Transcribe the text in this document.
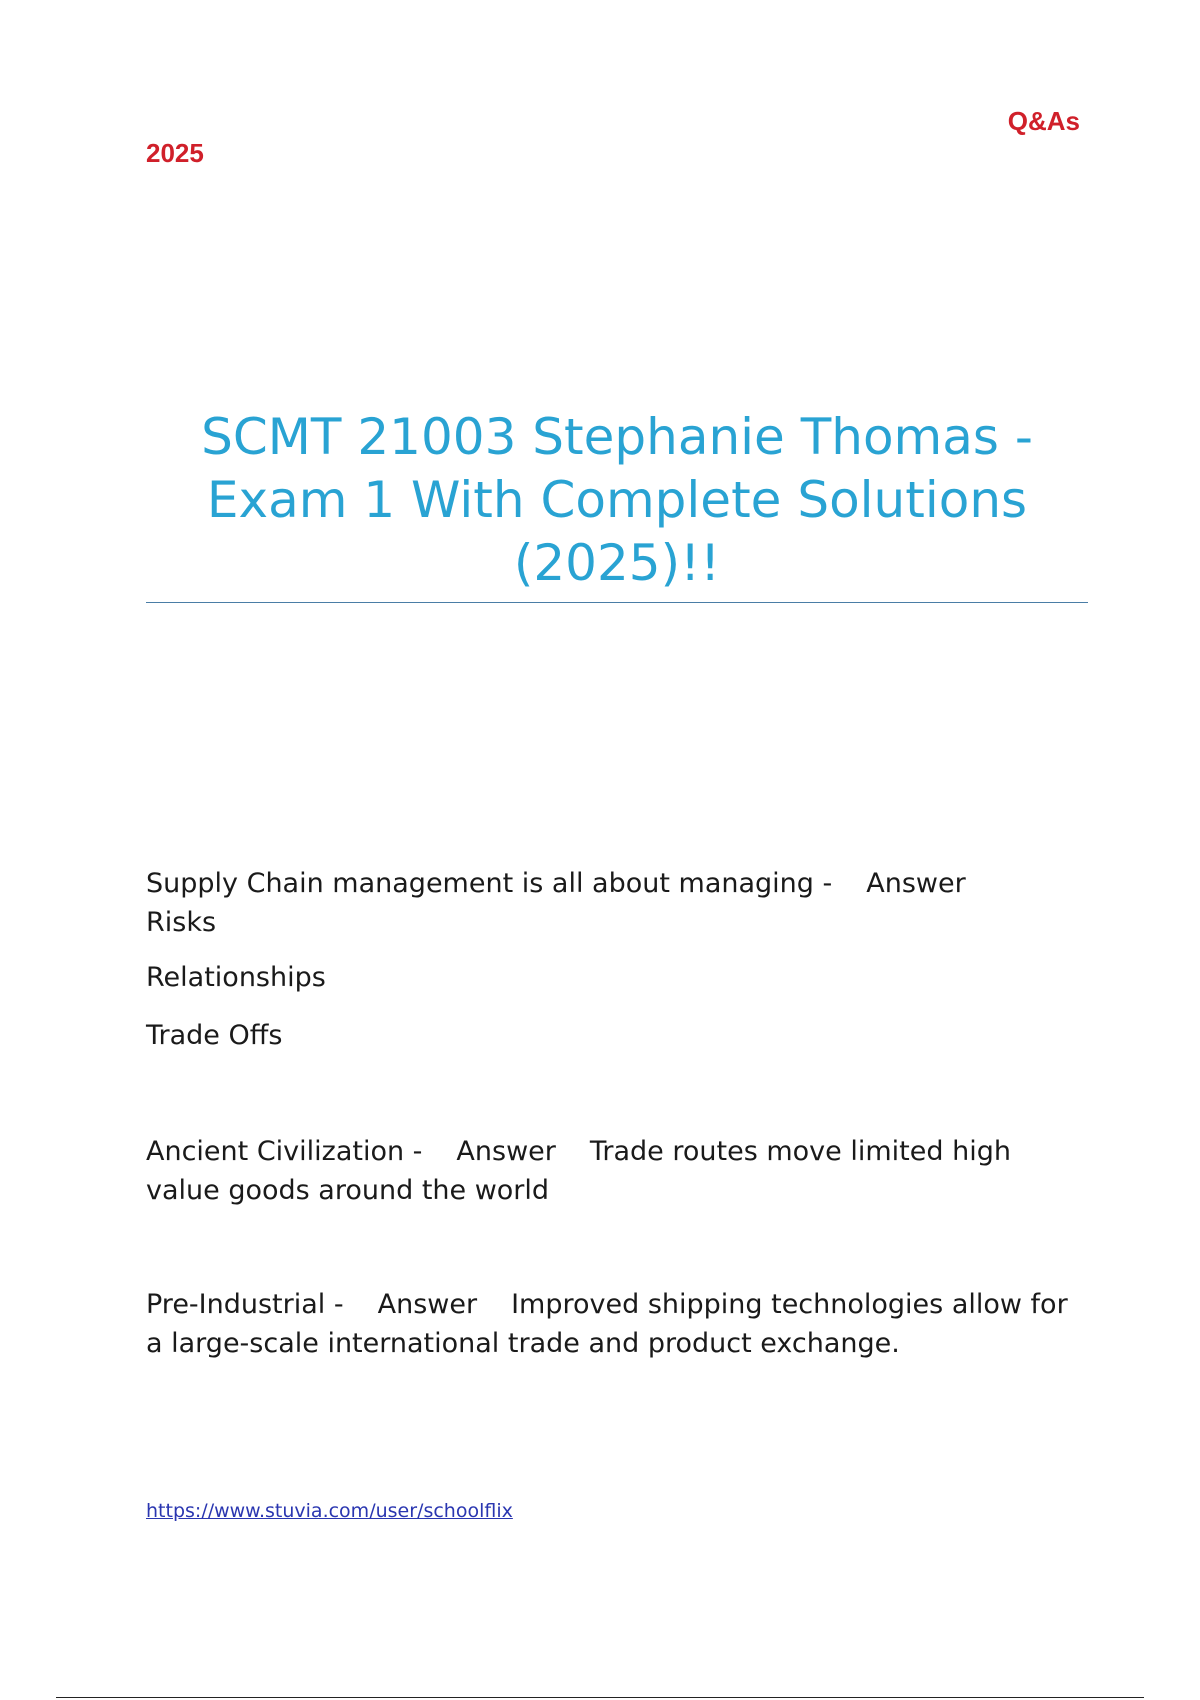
2025
Q&As
SCMT 21003 Stephanie Thomas - Exam 1 With Complete Solutions (2025)!!

Supply Chain management is all about managing - Answer

Risks

Relationships
Trade Offs

Ancient Civilization - Answer Trade routes move limited high value goods around the world

Pre-Industrial - Answer Improved shipping technologies allow for a large-scale international trade and product exchange.

https://www.stuvia.com/user/schoolflix
